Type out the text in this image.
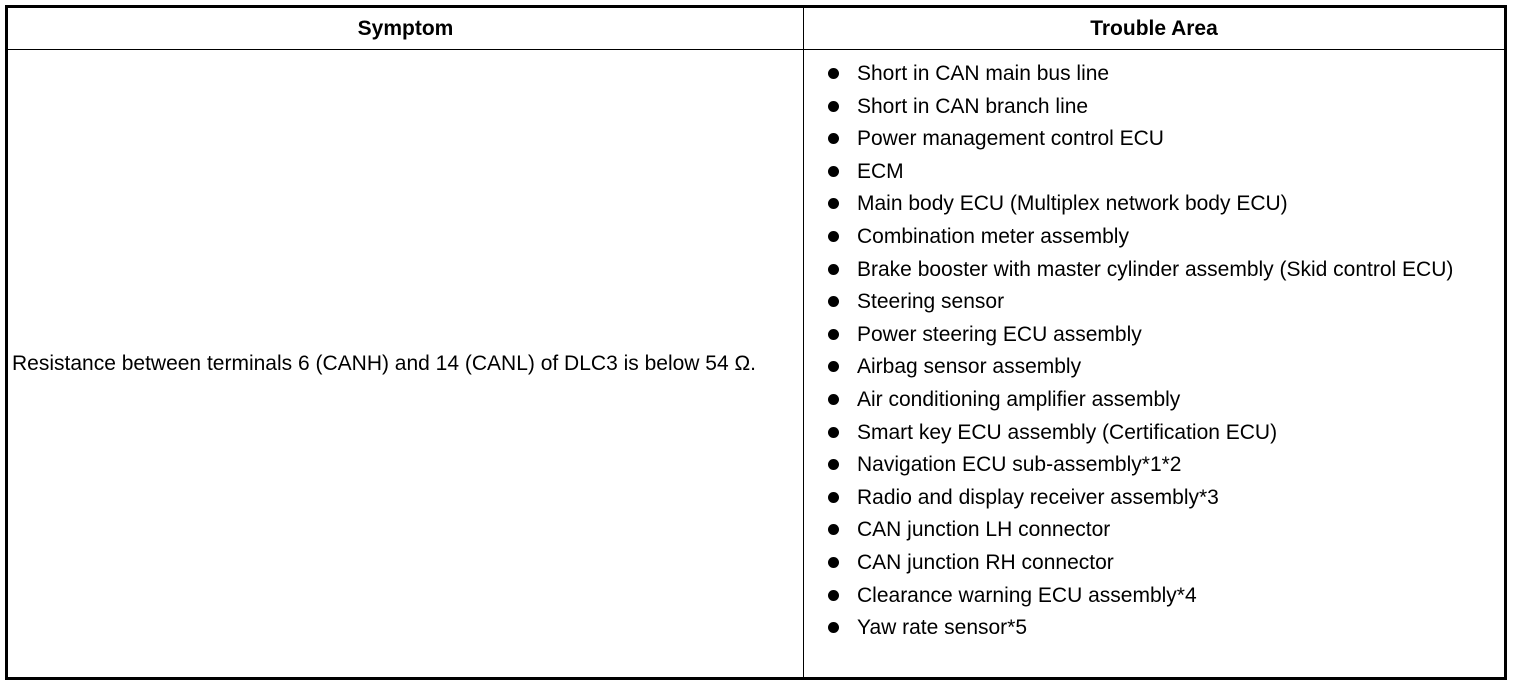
Symptom	Trouble Area
Resistance between terminals 6 (CANH) and 14 (CANL) of DLC3 is below 54 Ω.
Short in CAN main bus line
Short in CAN branch line
Power management control ECU
ECM
Main body ECU (Multiplex network body ECU)
Combination meter assembly
Brake booster with master cylinder assembly (Skid control ECU)
Steering sensor
Power steering ECU assembly
Airbag sensor assembly
Air conditioning amplifier assembly
Smart key ECU assembly (Certification ECU)
Navigation ECU sub-assembly*1*2
Radio and display receiver assembly*3
CAN junction LH connector
CAN junction RH connector
Clearance warning ECU assembly*4
Yaw rate sensor*5
